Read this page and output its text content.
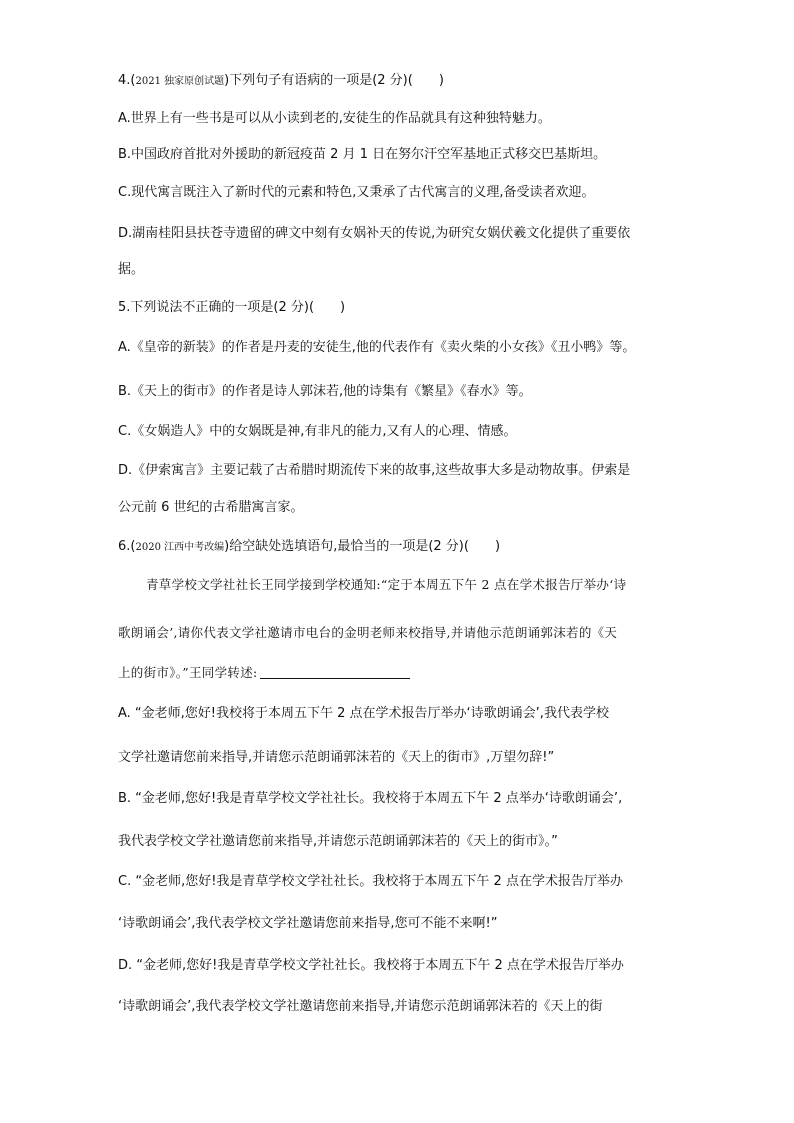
4.(2021 独家原创试题)下列句子有语病的一项是(2 分)(　　)
A.世界上有一些书是可以从小读到老的,安徒生的作品就具有这种独特魅力。
B.中国政府首批对外援助的新冠疫苗 2 月 1 日在努尔汗空军基地正式移交巴基斯坦。
C.现代寓言既注入了新时代的元素和特色,又秉承了古代寓言的义理,备受读者欢迎。
D.湖南桂阳县扶苍寺遗留的碑文中刻有女娲补天的传说,为研究女娲伏羲文化提供了重要依
据。
5.下列说法不正确的一项是(2 分)(　　)
A.《皇帝的新装》的作者是丹麦的安徒生,他的代表作有《卖火柴的小女孩》《丑小鸭》等。
B.《天上的街市》的作者是诗人郭沫若,他的诗集有《繁星》《春水》等。
C.《女娲造人》中的女娲既是神,有非凡的能力,又有人的心理、情感。
D.《伊索寓言》主要记载了古希腊时期流传下来的故事,这些故事大多是动物故事。伊索是
公元前 6 世纪的古希腊寓言家。
6.(2020 江西中考改编)给空缺处选填语句,最恰当的一项是(2 分)(　　)
青草学校文学社社长王同学接到学校通知:“定于本周五下午 2 点在学术报告厅举办‘诗
歌朗诵会’,请你代表文学社邀请市电台的金明老师来校指导,并请他示范朗诵郭沫若的《天
上的街市》。”王同学转述:
A. “金老师,您好!我校将于本周五下午 2 点在学术报告厅举办‘诗歌朗诵会’,我代表学校
文学社邀请您前来指导,并请您示范朗诵郭沫若的《天上的街市》,万望勿辞!”
B. “金老师,您好!我是青草学校文学社社长。我校将于本周五下午 2 点举办‘诗歌朗诵会’,
我代表学校文学社邀请您前来指导,并请您示范朗诵郭沫若的《天上的街市》。”
C. “金老师,您好!我是青草学校文学社社长。我校将于本周五下午 2 点在学术报告厅举办
‘诗歌朗诵会’,我代表学校文学社邀请您前来指导,您可不能不来啊!”
D. “金老师,您好!我是青草学校文学社社长。我校将于本周五下午 2 点在学术报告厅举办
‘诗歌朗诵会’,我代表学校文学社邀请您前来指导,并请您示范朗诵郭沫若的《天上的街
